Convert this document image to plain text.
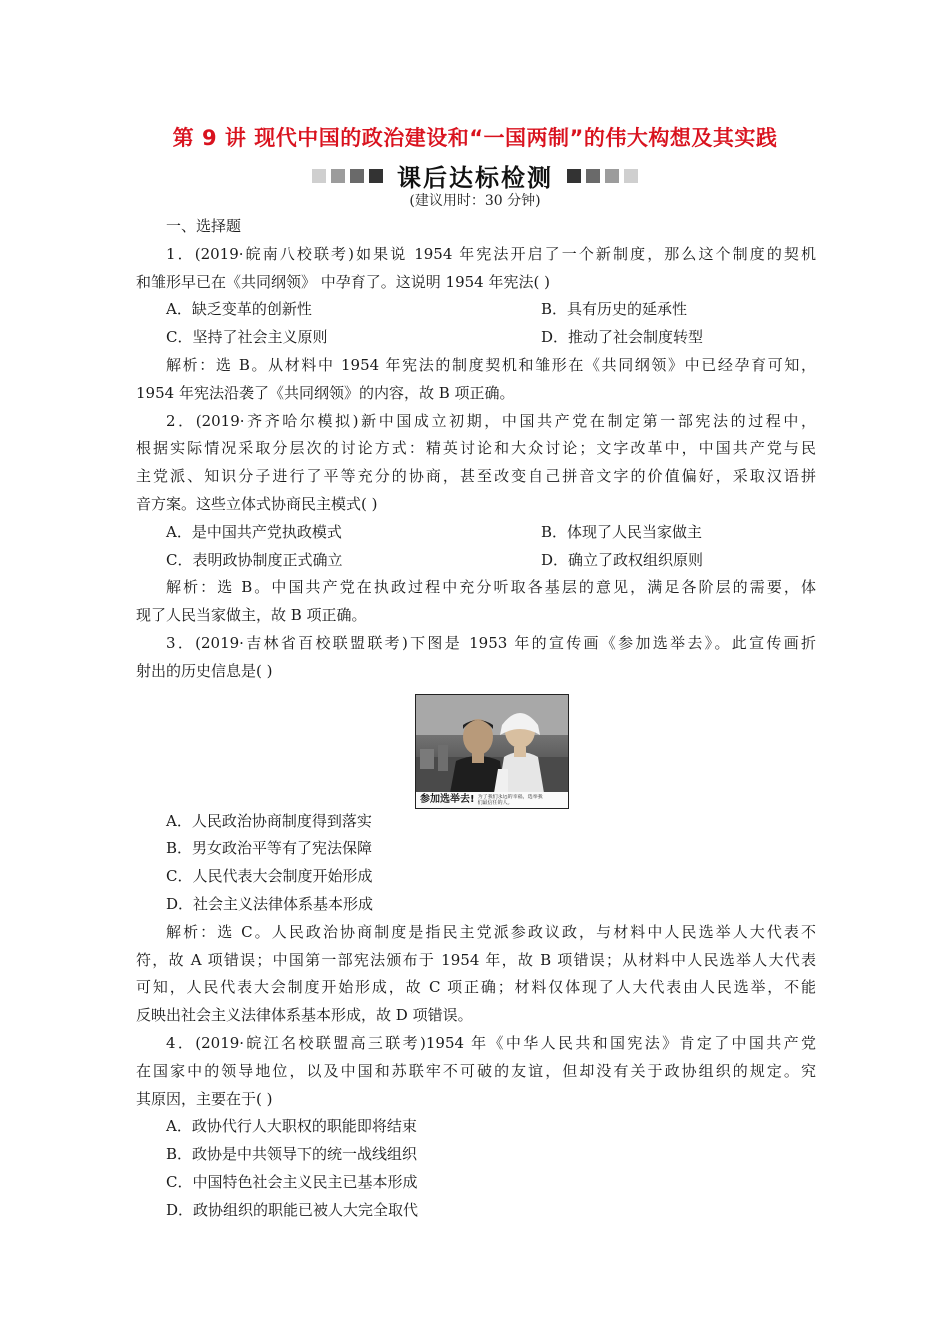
第 9 讲 现代中国的政治建设和“一国两制”的伟大构想及其实践
课后达标检测
(建议用时：30 分钟)
一、选择题
1．(2019·皖南八校联考)如果说 1954 年宪法开启了一个新制度，那么这个制度的契机
和雏形早已在《共同纲领》 中孕育了。这说明 1954 年宪法( )
A．缺乏变革的创新性	B．具有历史的延承性
C．坚持了社会主义原则	D．推动了社会制度转型
解析：选 B。从材料中 1954 年宪法的制度契机和雏形在《共同纲领》中已经孕育可知，
1954 年宪法沿袭了《共同纲领》的内容，故 B 项正确。
2．(2019·齐齐哈尔模拟)新中国成立初期，中国共产党在制定第一部宪法的过程中，
根据实际情况采取分层次的讨论方式：精英讨论和大众讨论；文字改革中，中国共产党与民
主党派、知识分子进行了平等充分的协商，甚至改变自己拼音文字的价值偏好，采取汉语拼
音方案。这些立体式协商民主模式( )
A．是中国共产党执政模式	B．体现了人民当家做主
C．表明政协制度正式确立	D．确立了政权组织原则
解析：选 B。中国共产党在执政过程中充分听取各基层的意见，满足各阶层的需要，体
现了人民当家做主，故 B 项正确。
3．(2019·吉林省百校联盟联考)下图是 1953 年的宣传画《参加选举去》。此宣传画折
射出的历史信息是( )
参加选举去! 为了我们永远的幸福，选举我们最信任的人。
A．人民政治协商制度得到落实
B．男女政治平等有了宪法保障
C．人民代表大会制度开始形成
D．社会主义法律体系基本形成
解析：选 C。人民政治协商制度是指民主党派参政议政，与材料中人民选举人大代表不
符，故 A 项错误；中国第一部宪法颁布于 1954 年，故 B 项错误；从材料中人民选举人大代表
可知，人民代表大会制度开始形成，故 C 项正确；材料仅体现了人大代表由人民选举，不能
反映出社会主义法律体系基本形成，故 D 项错误。
4．(2019·皖江名校联盟高三联考)1954 年《中华人民共和国宪法》肯定了中国共产党
在国家中的领导地位，以及中国和苏联牢不可破的友谊，但却没有关于政协组织的规定。究
其原因，主要在于( )
A．政协代行人大职权的职能即将结束
B．政协是中共领导下的统一战线组织
C．中国特色社会主义民主已基本形成
D．政协组织的职能已被人大完全取代
